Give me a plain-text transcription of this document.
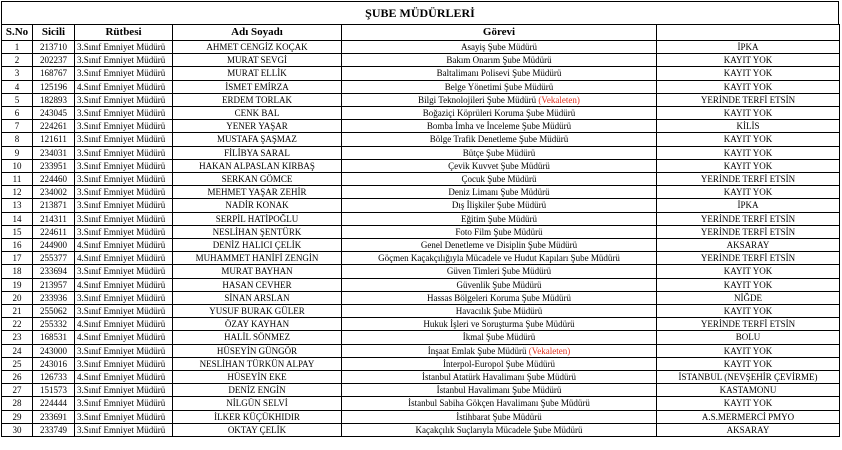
ŞUBE MÜDÜRLERİ
S.No	Sicili	Rütbesi	Adı Soyadı	Görevi	
1	213710	3.Sınıf Emniyet Müdürü	AHMET CENGİZ KOÇAK	Asayiş Şube Müdürü	İPKA
2	202237	3.Sınıf Emniyet Müdürü	MURAT SEVGİ	Bakım Onarım Şube Müdürü	KAYIT YOK
3	168767	3.Sınıf Emniyet Müdürü	MURAT ELLİK	Baltalimanı Polisevi Şube Müdürü	KAYIT YOK
4	125196	4.Sınıf Emniyet Müdürü	İSMET EMİRZA	Belge Yönetimi Şube Müdürü	KAYIT YOK
5	182893	3.Sınıf Emniyet Müdürü	ERDEM TORLAK	Bilgi Teknolojileri Şube Müdürü (Vekaleten)	YERİNDE TERFİ ETSİN
6	243045	3.Sınıf Emniyet Müdürü	CENK BAL	Boğaziçi Köprüleri Koruma Şube Müdürü	KAYIT YOK
7	224261	3.Sınıf Emniyet Müdürü	YENER YAŞAR	Bomba İmha ve İnceleme Şube Müdürü	KİLİS
8	121611	3.Sınıf Emniyet Müdürü	MUSTAFA ŞAŞMAZ	Bölge Trafik Denetleme Şube Müdürü	KAYIT YOK
9	234031	3.Sınıf Emniyet Müdürü	FİLİBYA SARAL	Bütçe Şube Müdürü	KAYIT YOK
10	233951	3.Sınıf Emniyet Müdürü	HAKAN ALPASLAN KIRBAŞ	Çevik Kuvvet Şube Müdürü	KAYIT YOK
11	224460	3.Sınıf Emniyet Müdürü	SERKAN GÖMCE	Çocuk Şube Müdürü	YERİNDE TERFİ ETSİN
12	234002	3.Sınıf Emniyet Müdürü	MEHMET YAŞAR ZEHİR	Deniz Limanı Şube Müdürü	KAYIT YOK
13	213871	3.Sınıf Emniyet Müdürü	NADİR KONAK	Dış İlişkiler Şube Müdürü	İPKA
14	214311	3.Sınıf Emniyet Müdürü	SERPİL HATİPOĞLU	Eğitim Şube Müdürü	YERİNDE TERFİ ETSİN
15	224611	3.Sınıf Emniyet Müdürü	NESLİHAN ŞENTÜRK	Foto Film Şube Müdürü	YERİNDE TERFİ ETSİN
16	244900	4.Sınıf Emniyet Müdürü	DENİZ HALICI ÇELİK	Genel Denetleme ve Disiplin Şube Müdürü	AKSARAY
17	255377	4.Sınıf Emniyet Müdürü	MUHAMMET HANİFİ ZENGİN	Göçmen Kaçakçılığıyla Mücadele ve Hudut Kapıları Şube Müdürü	YERİNDE TERFİ ETSİN
18	233694	3.Sınıf Emniyet Müdürü	MURAT BAYHAN	Güven Timleri Şube Müdürü	KAYIT YOK
19	213957	4.Sınıf Emniyet Müdürü	HASAN CEVHER	Güvenlik Şube Müdürü	KAYIT YOK
20	233936	3.Sınıf Emniyet Müdürü	SİNAN ARSLAN	Hassas Bölgeleri Koruma Şube Müdürü	NİĞDE
21	255062	3.Sınıf Emniyet Müdürü	YUSUF BURAK GÜLER	Havacılık Şube Müdürü	KAYIT YOK
22	255332	4.Sınıf Emniyet Müdürü	ÖZAY KAYHAN	Hukuk İşleri ve Soruşturma Şube Müdürü	YERİNDE TERFİ ETSİN
23	168531	4.Sınıf Emniyet Müdürü	HALİL SÖNMEZ	İkmal Şube Müdürü	BOLU
24	243000	3.Sınıf Emniyet Müdürü	HÜSEYİN GÜNGÖR	İnşaat Emlak Şube Müdürü (Vekaleten)	KAYIT YOK
25	243016	3.Sınıf Emniyet Müdürü	NESLİHAN TÜRKÜN ALPAY	İnterpol-Europol Şube Müdürü	KAYIT YOK
26	126733	4.Sınıf Emniyet Müdürü	HÜSEYİN EKE	İstanbul Atatürk Havalimanı Şube Müdürü	İSTANBUL (NEVŞEHİR ÇEVİRME)
27	151573	3.Sınıf Emniyet Müdürü	DENİZ ENGİN	İstanbul Havalimanı Şube Müdürü	KASTAMONU
28	224444	3.Sınıf Emniyet Müdürü	NİLGÜN SELVİ	İstanbul Sabiha Gökçen Havalimanı Şube Müdürü	KAYIT YOK
29	233691	3.Sınıf Emniyet Müdürü	İLKER KÜÇÜKHIDIR	İstihbarat Şube Müdürü	A.S.MERMERCİ PMYO
30	233749	3.Sınıf Emniyet Müdürü	OKTAY ÇELİK	Kaçakçılık Suçlarıyla Mücadele Şube Müdürü	AKSARAY
